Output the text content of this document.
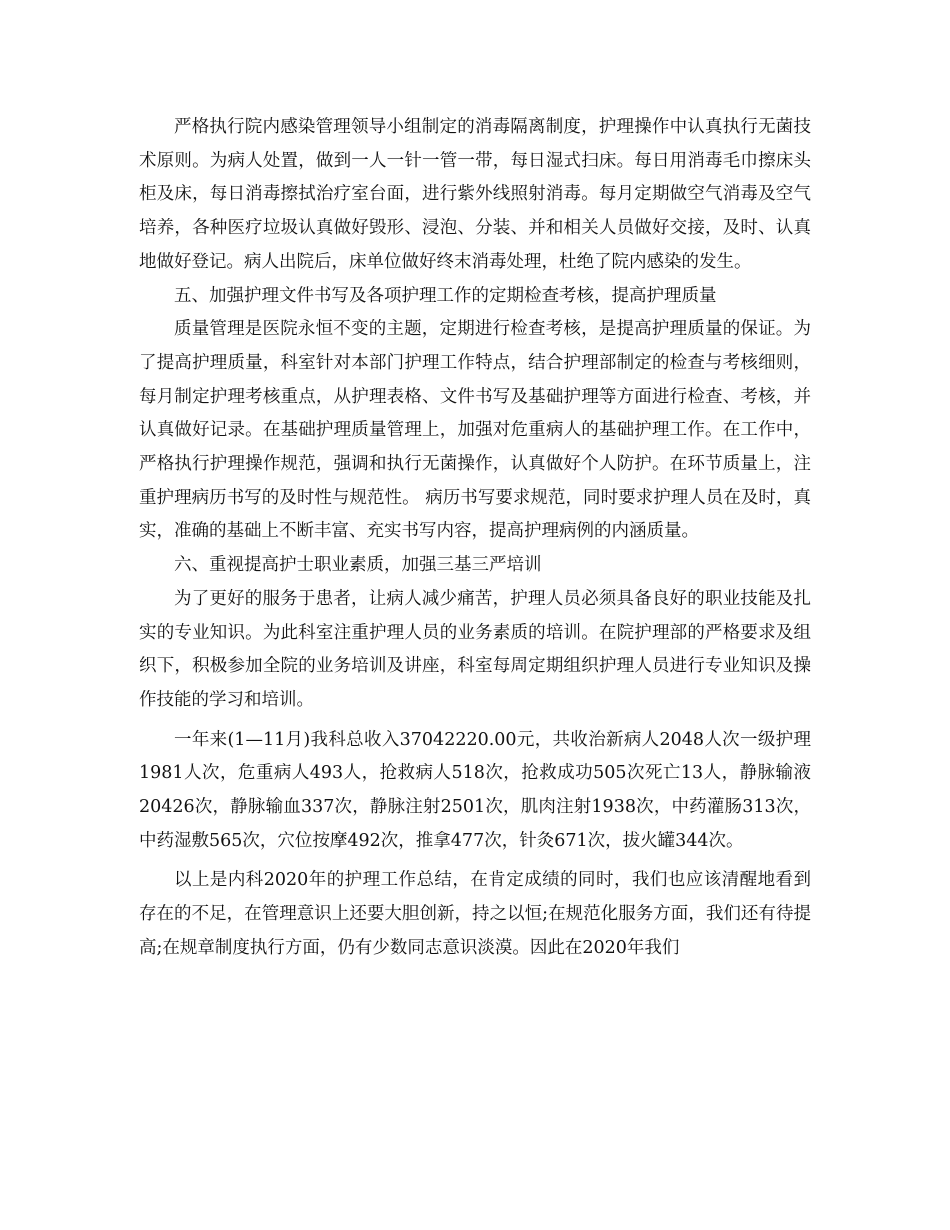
严格执行院内感染管理领导小组制定的消毒隔离制度，护理操作中认真执行无菌技术原则。为病人处置，做到一人一针一管一带，每日湿式扫床。每日用消毒毛巾擦床头柜及床，每日消毒擦拭治疗室台面，进行紫外线照射消毒。每月定期做空气消毒及空气培养，各种医疗垃圾认真做好毁形、浸泡、分装、并和相关人员做好交接，及时、认真地做好登记。病人出院后，床单位做好终末消毒处理，杜绝了院内感染的发生。

五、加强护理文件书写及各项护理工作的定期检查考核，提高护理质量

质量管理是医院永恒不变的主题，定期进行检查考核，是提高护理质量的保证。为了提高护理质量，科室针对本部门护理工作特点，结合护理部制定的检查与考核细则，每月制定护理考核重点，从护理表格、文件书写及基础护理等方面进行检查、考核，并认真做好记录。在基础护理质量管理上，加强对危重病人的基础护理工作。在工作中，严格执行护理操作规范，强调和执行无菌操作，认真做好个人防护。在环节质量上，注重护理病历书写的及时性与规范性。 病历书写要求规范，同时要求护理人员在及时，真实，准确的基础上不断丰富、充实书写内容，提高护理病例的内涵质量。

六、重视提高护士职业素质，加强三基三严培训

为了更好的服务于患者，让病人减少痛苦，护理人员必须具备良好的职业技能及扎实的专业知识。为此科室注重护理人员的业务素质的培训。在院护理部的严格要求及组织下，积极参加全院的业务培训及讲座，科室每周定期组织护理人员进行专业知识及操作技能的学习和培训。

一年来(1—11月)我科总收入37042220.00元，共收治新病人2048人次一级护理1981人次，危重病人493人，抢救病人518次，抢救成功505次死亡13人，静脉输液20426次，静脉输血337次，静脉注射2501次，肌肉注射1938次，中药灌肠313次，中药湿敷565次，穴位按摩492次，推拿477次，针灸671次，拔火罐344次。

以上是内科2020年的护理工作总结，在肯定成绩的同时，我们也应该清醒地看到存在的不足，在管理意识上还要大胆创新，持之以恒;在规范化服务方面，我们还有待提高;在规章制度执行方面，仍有少数同志意识淡漠。因此在2020年我们
